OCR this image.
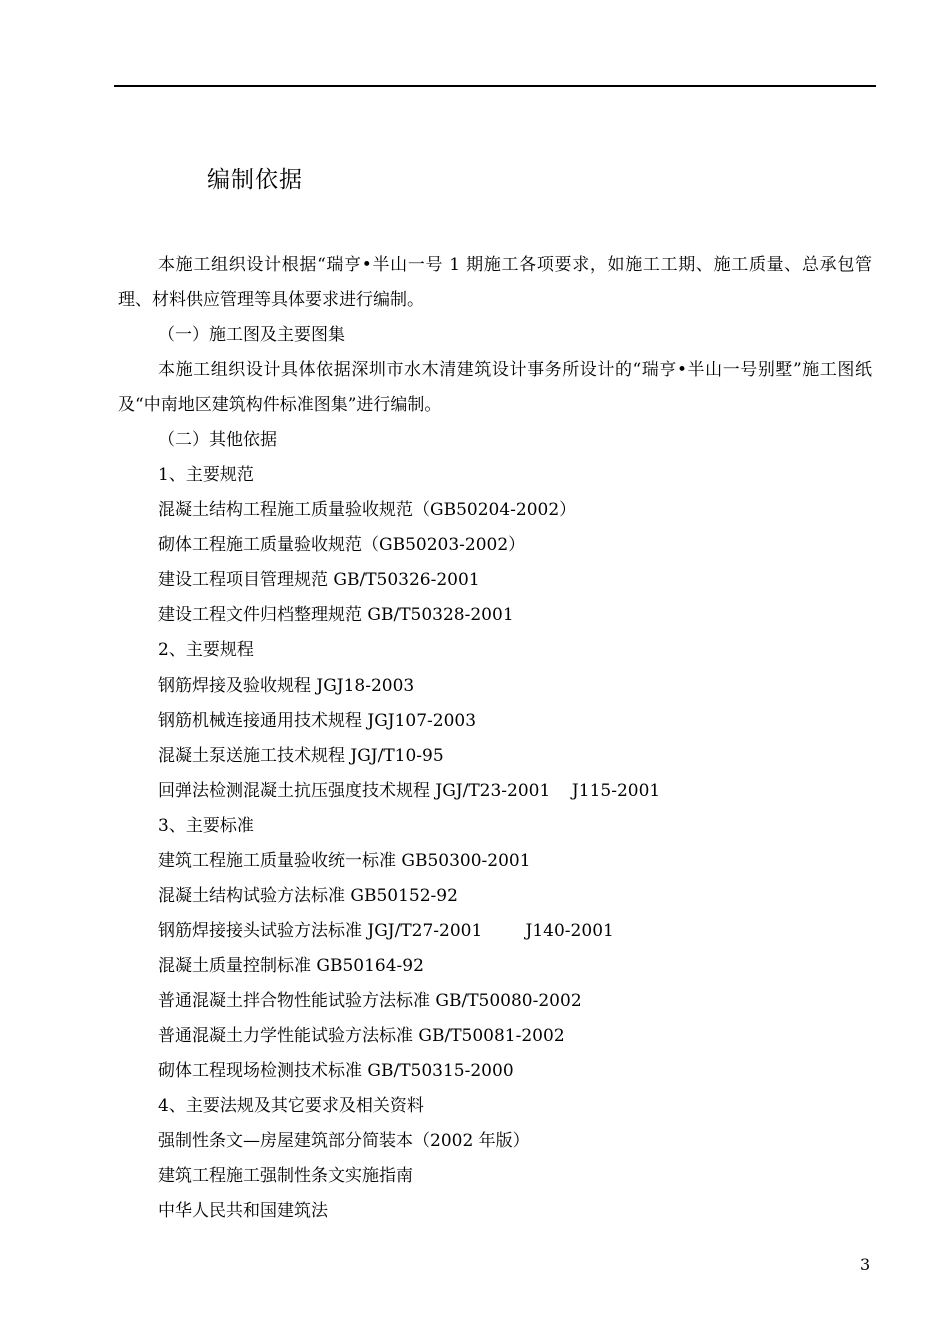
编制依据
本施工组织设计根据“瑞亨•半山一号 1 期施工各项要求，如施工工期、施工质量、总承包管理、材料供应管理等具体要求进行编制。
（一）施工图及主要图集
本施工组织设计具体依据深圳市水木清建筑设计事务所设计的“瑞亨•半山一号别墅”施工图纸及“中南地区建筑构件标准图集”进行编制。
（二）其他依据
1、主要规范
混凝土结构工程施工质量验收规范（GB50204-2002）
砌体工程施工质量验收规范（GB50203-2002）
建设工程项目管理规范 GB/T50326-2001
建设工程文件归档整理规范 GB/T50328-2001
2、主要规程
钢筋焊接及验收规程 JGJ18-2003
钢筋机械连接通用技术规程 JGJ107-2003
混凝土泵送施工技术规程 JGJ/T10-95
回弹法检测混凝土抗压强度技术规程 JGJ/T23-2001    J115-2001
3、主要标准
建筑工程施工质量验收统一标准 GB50300-2001
混凝土结构试验方法标准 GB50152-92
钢筋焊接接头试验方法标准 JGJ/T27-2001        J140-2001
混凝土质量控制标准 GB50164-92
普通混凝土拌合物性能试验方法标准 GB/T50080-2002
普通混凝土力学性能试验方法标准 GB/T50081-2002
砌体工程现场检测技术标准 GB/T50315-2000
4、主要法规及其它要求及相关资料
强制性条文—房屋建筑部分简装本（2002 年版）
建筑工程施工强制性条文实施指南
中华人民共和国建筑法
3
